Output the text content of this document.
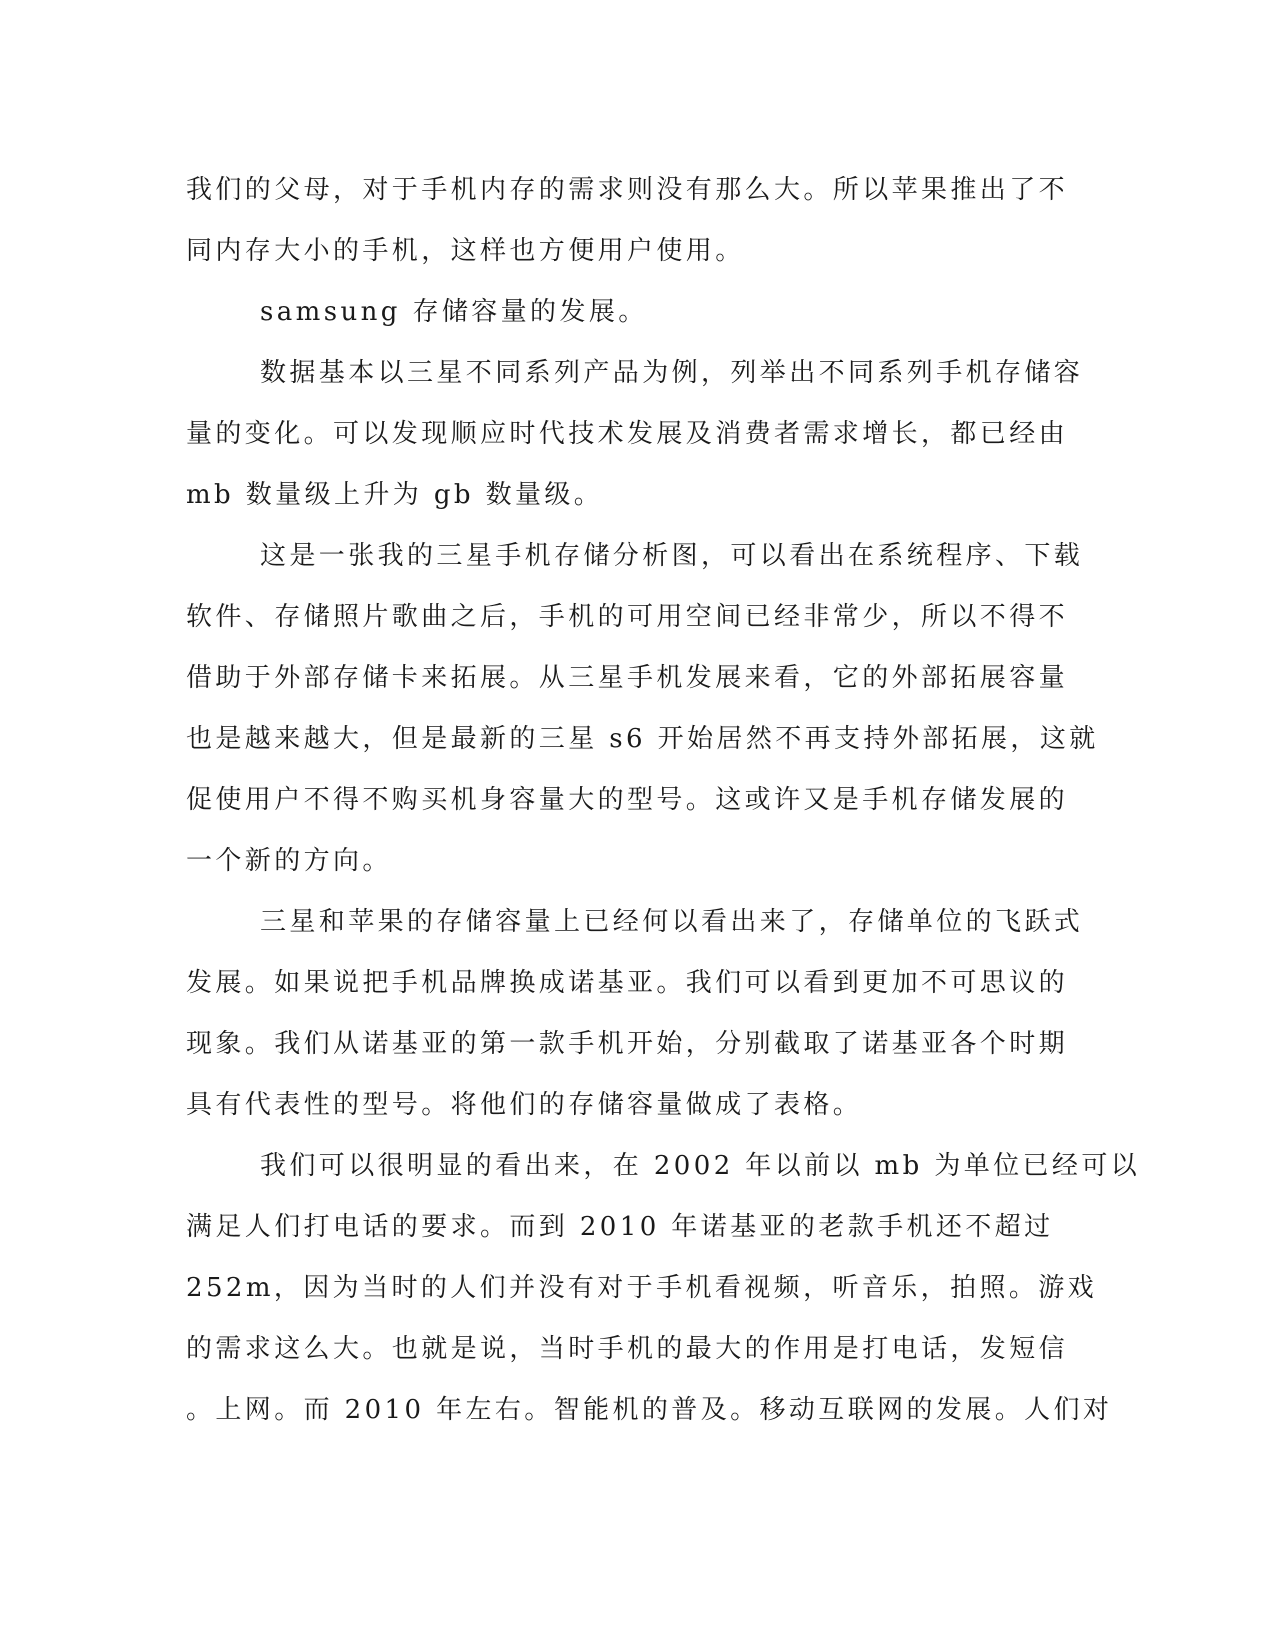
我们的父母，对于手机内存的需求则没有那么大。所以苹果推出了不
同内存大小的手机，这样也方便用户使用。

samsung 存储容量的发展。

数据基本以三星不同系列产品为例，列举出不同系列手机存储容
量的变化。可以发现顺应时代技术发展及消费者需求增长，都已经由
mb 数量级上升为 gb 数量级。

这是一张我的三星手机存储分析图，可以看出在系统程序、下载
软件、存储照片歌曲之后，手机的可用空间已经非常少，所以不得不
借助于外部存储卡来拓展。从三星手机发展来看，它的外部拓展容量
也是越来越大，但是最新的三星 s6 开始居然不再支持外部拓展，这就
促使用户不得不购买机身容量大的型号。这或许又是手机存储发展的
一个新的方向。

三星和苹果的存储容量上已经何以看出来了，存储单位的飞跃式
发展。如果说把手机品牌换成诺基亚。我们可以看到更加不可思议的
现象。我们从诺基亚的第一款手机开始，分别截取了诺基亚各个时期
具有代表性的型号。将他们的存储容量做成了表格。

我们可以很明显的看出来，在 2002 年以前以 mb 为单位已经可以
满足人们打电话的要求。而到 2010 年诺基亚的老款手机还不超过
252m，因为当时的人们并没有对于手机看视频，听音乐，拍照。游戏
的需求这么大。也就是说，当时手机的最大的作用是打电话，发短信
。上网。而 2010 年左右。智能机的普及。移动互联网的发展。人们对
